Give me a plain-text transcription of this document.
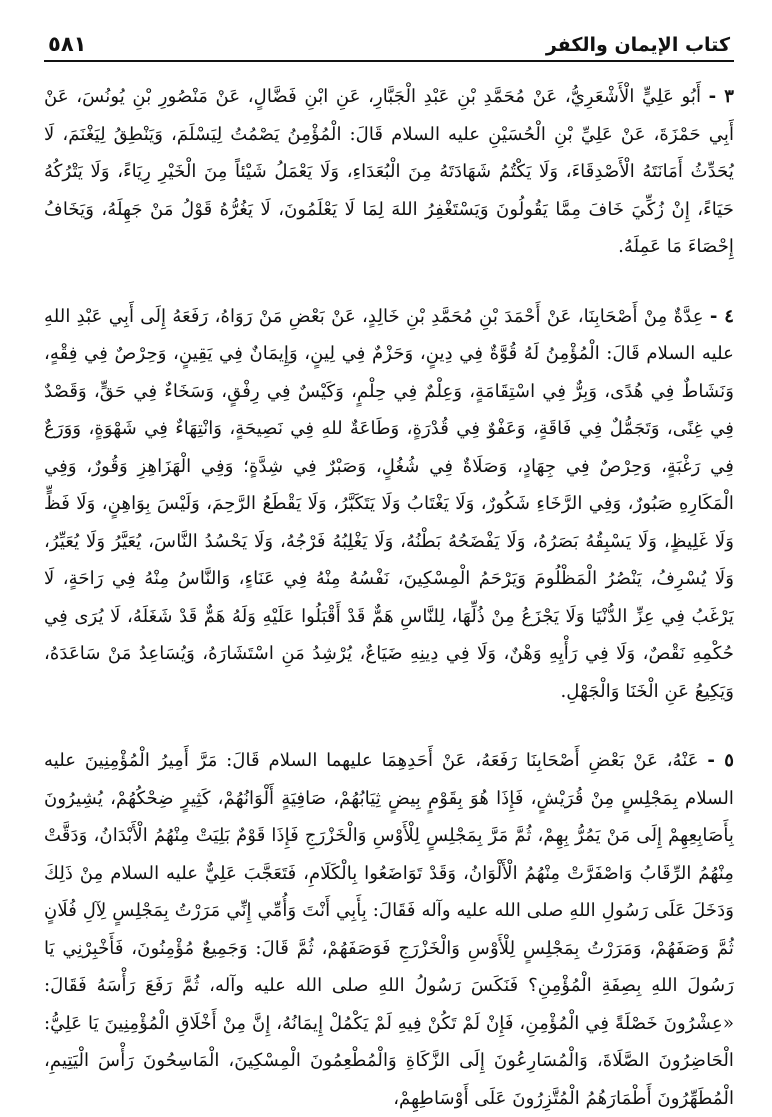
كتاب الإيمان والكفر
٥٨١

٣ - أَبُو عَلِيٍّ الْأَشْعَرِيُّ، عَنْ مُحَمَّدِ بْنِ عَبْدِ الْجَبَّارِ، عَنِ ابْنِ فَضَّالٍ، عَنْ مَنْصُورِ بْنِ يُونُسَ، عَنْ أَبِي حَمْزَةَ، عَنْ عَلِيِّ بْنِ الْحُسَيْنِ عليه السلام قَالَ: الْمُؤْمِنُ يَصْمُتُ لِيَسْلَمَ، وَيَنْطِقُ لِيَغْنَمَ، لَا يُحَدِّثُ أَمَانَتَهُ الْأَصْدِقَاءَ، وَلَا يَكْتُمُ شَهَادَتَهُ مِنَ الْبُعَدَاءِ، وَلَا يَعْمَلُ شَيْئاً مِنَ الْخَيْرِ رِيَاءً، وَلَا يَتْرُكُهُ حَيَاءً، إِنْ زُكِّيَ خَافَ مِمَّا يَقُولُونَ وَيَسْتَغْفِرُ اللهَ لِمَا لَا يَعْلَمُونَ، لَا يَغُرُّهُ قَوْلُ مَنْ جَهِلَهُ، وَيَخَافُ إِحْصَاءَ مَا عَمِلَهُ.

٤ - عِدَّةٌ مِنْ أَصْحَابِنَا، عَنْ أَحْمَدَ بْنِ مُحَمَّدِ بْنِ خَالِدٍ، عَنْ بَعْضِ مَنْ رَوَاهُ، رَفَعَهُ إِلَى أَبِي عَبْدِ اللهِ عليه السلام قَالَ: الْمُؤْمِنُ لَهُ قُوَّةٌ فِي دِينٍ، وَحَزْمٌ فِي لِينٍ، وَإِيمَانٌ فِي يَقِينٍ، وَحِرْصٌ فِي فِقْهٍ، وَنَشَاطٌ فِي هُدًى، وَبِرٌّ فِي اسْتِقَامَةٍ، وَعِلْمٌ فِي حِلْمٍ، وَكَيْسٌ فِي رِفْقٍ، وَسَخَاءٌ فِي حَقٍّ، وَقَصْدٌ فِي غِنًى، وَتَجَمُّلٌ فِي فَاقَةٍ، وَعَفْوٌ فِي قُدْرَةٍ، وَطَاعَةٌ للهِ فِي نَصِيحَةٍ، وَانْتِهَاءٌ فِي شَهْوَةٍ، وَوَرَعٌ فِي رَغْبَةٍ، وَحِرْصٌ فِي جِهَادٍ، وَصَلَاةٌ فِي شُغُلٍ، وَصَبْرٌ فِي شِدَّةٍ؛ وَفِي الْهَزَاهِزِ وَقُورٌ، وَفِي الْمَكَارِهِ صَبُورٌ، وَفِي الرَّخَاءِ شَكُورٌ، وَلَا يَغْتَابُ وَلَا يَتَكَبَّرُ، وَلَا يَقْطَعُ الرَّحِمَ، وَلَيْسَ بِوَاهِنٍ، وَلَا فَظٍّ وَلَا غَلِيظٍ، وَلَا يَسْبِقُهُ بَصَرُهُ، وَلَا يَفْضَحُهُ بَطْنُهُ، وَلَا يَغْلِبُهُ فَرْجُهُ، وَلَا يَحْسُدُ النَّاسَ، يُعَيَّرُ وَلَا يُعَيِّرُ، وَلَا يُسْرِفُ، يَنْصُرُ الْمَظْلُومَ وَيَرْحَمُ الْمِسْكِينَ، نَفْسُهُ مِنْهُ فِي عَنَاءٍ، وَالنَّاسُ مِنْهُ فِي رَاحَةٍ، لَا يَرْغَبُ فِي عِزِّ الدُّنْيَا وَلَا يَجْزَعُ مِنْ ذُلِّهَا، لِلنَّاسِ هَمٌّ قَدْ أَقْبَلُوا عَلَيْهِ وَلَهُ هَمٌّ قَدْ شَغَلَهُ، لَا يُرَى فِي حُكْمِهِ نَقْصٌ، وَلَا فِي رَأْيِهِ وَهْنٌ، وَلَا فِي دِينِهِ ضَيَاعٌ، يُرْشِدُ مَنِ اسْتَشَارَهُ، وَيُسَاعِدُ مَنْ سَاعَدَهُ، وَيَكِيعُ عَنِ الْخَنَا وَالْجَهْلِ.

٥ - عَنْهُ، عَنْ بَعْضِ أَصْحَابِنَا رَفَعَهُ، عَنْ أَحَدِهِمَا عليهما السلام قَالَ: مَرَّ أَمِيرُ الْمُؤْمِنِينَ عليه السلام بِمَجْلِسٍ مِنْ قُرَيْشٍ، فَإِذَا هُوَ بِقَوْمٍ بِيضٍ ثِيَابُهُمْ، صَافِيَةٍ أَلْوَانُهُمْ، كَثِيرٍ ضِحْكُهُمْ، يُشِيرُونَ بِأَصَابِعِهِمْ إِلَى مَنْ يَمُرُّ بِهِمْ، ثُمَّ مَرَّ بِمَجْلِسٍ لِلْأَوْسِ وَالْخَزْرَجِ فَإِذَا قَوْمٌ بَلِيَتْ مِنْهُمُ الْأَبْدَانُ، وَدَقَّتْ مِنْهُمُ الرِّقَابُ وَاصْفَرَّتْ مِنْهُمُ الْأَلْوَانُ، وَقَدْ تَوَاضَعُوا بِالْكَلَامِ، فَتَعَجَّبَ عَلِيٌّ عليه السلام مِنْ ذَلِكَ وَدَخَلَ عَلَى رَسُولِ اللهِ صلى الله عليه وآله فَقَالَ: بِأَبِي أَنْتَ وَأُمِّي إِنِّي مَرَرْتُ بِمَجْلِسٍ لِآلِ فُلَانٍ ثُمَّ وَصَفَهُمْ، وَمَرَرْتُ بِمَجْلِسٍ لِلْأَوْسِ وَالْخَزْرَجِ فَوَصَفَهُمْ، ثُمَّ قَالَ: وَجَمِيعٌ مُؤْمِنُونَ، فَأَخْبِرْنِي يَا رَسُولَ اللهِ بِصِفَةِ الْمُؤْمِنِ؟ فَنَكَسَ رَسُولُ اللهِ صلى الله عليه وآله، ثُمَّ رَفَعَ رَأْسَهُ فَقَالَ: «عِشْرُونَ خَصْلَةً فِي الْمُؤْمِنِ، فَإِنْ لَمْ تَكُنْ فِيهِ لَمْ يَكْمُلْ إِيمَانُهُ، إِنَّ مِنْ أَخْلَاقِ الْمُؤْمِنِينَ يَا عَلِيُّ: الْحَاضِرُونَ الصَّلَاةَ، وَالْمُسَارِعُونَ إِلَى الزَّكَاةِ وَالْمُطْعِمُونَ الْمِسْكِينَ، الْمَاسِحُونَ رَأْسَ الْيَتِيمِ، الْمُطَهِّرُونَ أَطْمَارَهُمُ الْمُتَّزِرُونَ عَلَى أَوْسَاطِهِمْ،
